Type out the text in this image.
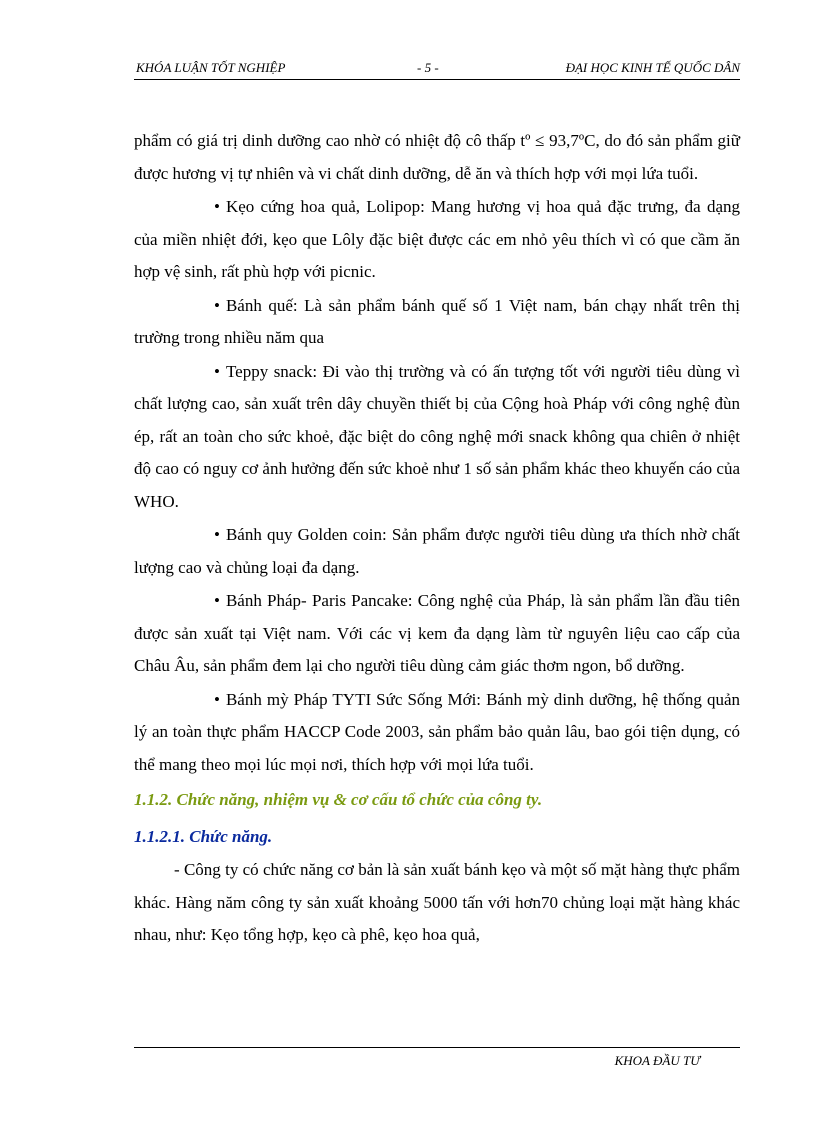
KHÓA LUẬN TỐT NGHIỆP	- 5 -	ĐẠI HỌC KINH TẾ QUỐC DÂN

phẩm có giá trị dinh dưỡng cao nhờ có nhiệt độ cô thấp tº ≤ 93,7ºC, do đó sản phẩm giữ được hương vị tự nhiên và vi chất dinh dưỡng, dễ ăn và thích hợp với mọi lứa tuổi.

• Kẹo cứng hoa quả, Lolipop: Mang hương vị hoa quả đặc trưng, đa dạng của miền nhiệt đới, kẹo que Lôly đặc biệt được các em nhỏ yêu thích vì có que cầm ăn hợp vệ sinh, rất phù hợp với picnic.

• Bánh quế: Là sản phẩm bánh quế số 1 Việt nam, bán chạy nhất trên thị trường trong nhiều năm qua

• Teppy snack: Đi vào thị trường và có ấn tượng tốt với người tiêu dùng vì chất lượng cao, sản xuất trên dây chuyền thiết bị của Cộng hoà Pháp với công nghệ đùn ép, rất an toàn cho sức khoẻ, đặc biệt do công nghệ mới snack không qua chiên ở nhiệt độ cao có nguy cơ ảnh hưởng đến sức khoẻ như 1 số sản phẩm khác theo khuyến cáo của WHO.

• Bánh quy Golden coin: Sản phẩm được người tiêu dùng ưa thích nhờ chất lượng cao và chủng loại đa dạng.

• Bánh Pháp- Paris Pancake: Công nghệ của Pháp, là sản phẩm lần đầu tiên được sản xuất tại Việt nam. Với các vị kem đa dạng làm từ nguyên liệu cao cấp của Châu Âu, sản phẩm đem lại cho người tiêu dùng cảm giác thơm ngon, bổ dưỡng.

• Bánh mỳ Pháp TYTI Sức Sống Mới: Bánh mỳ dinh dưỡng, hệ thống quản lý an toàn thực phẩm HACCP Code 2003, sản phẩm bảo quản lâu, bao gói tiện dụng, có thể mang theo mọi lúc mọi nơi, thích hợp với mọi lứa tuổi.

1.1.2. Chức năng, nhiệm vụ & cơ cấu tổ chức của công ty.
1.1.2.1. Chức năng.

- Công ty có chức năng cơ bản là sản xuất bánh kẹo và một số mặt hàng thực phẩm khác. Hàng năm công ty sản xuất khoảng 5000 tấn với hơn70 chủng loại mặt hàng khác nhau, như: Kẹo tổng hợp, kẹo cà phê, kẹo hoa quả,

KHOA ĐẦU TƯ
